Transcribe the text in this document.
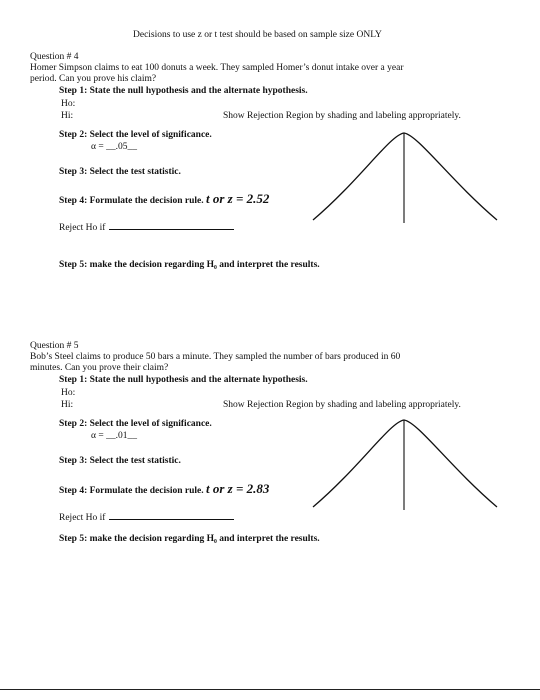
Decisions to use z or t test should be based on sample size ONLY
Question # 4
Homer Simpson claims to eat 100 donuts a week. They sampled Homer’s donut intake over a year
period. Can you prove his claim?
Step 1: State the null hypothesis and the alternate hypothesis.
Ho:
Hi:	Show Rejection Region by shading and labeling appropriately.
Step 2: Select the level of significance.
α = __.05__
Step 3: Select the test statistic.
Step 4: Formulate the decision rule. t or z = 2.52
Reject Ho if
Step 5: make the decision regarding H₀ and interpret the results.
Question # 5
Bob’s Steel claims to produce 50 bars a minute. They sampled the number of bars produced in 60
minutes. Can you prove their claim?
Step 1: State the null hypothesis and the alternate hypothesis.
Ho:
Hi:	Show Rejection Region by shading and labeling appropriately.
Step 2: Select the level of significance.
α = __.01__
Step 3: Select the test statistic.
Step 4: Formulate the decision rule. t or z = 2.83
Reject Ho if
Step 5: make the decision regarding H₀ and interpret the results.
